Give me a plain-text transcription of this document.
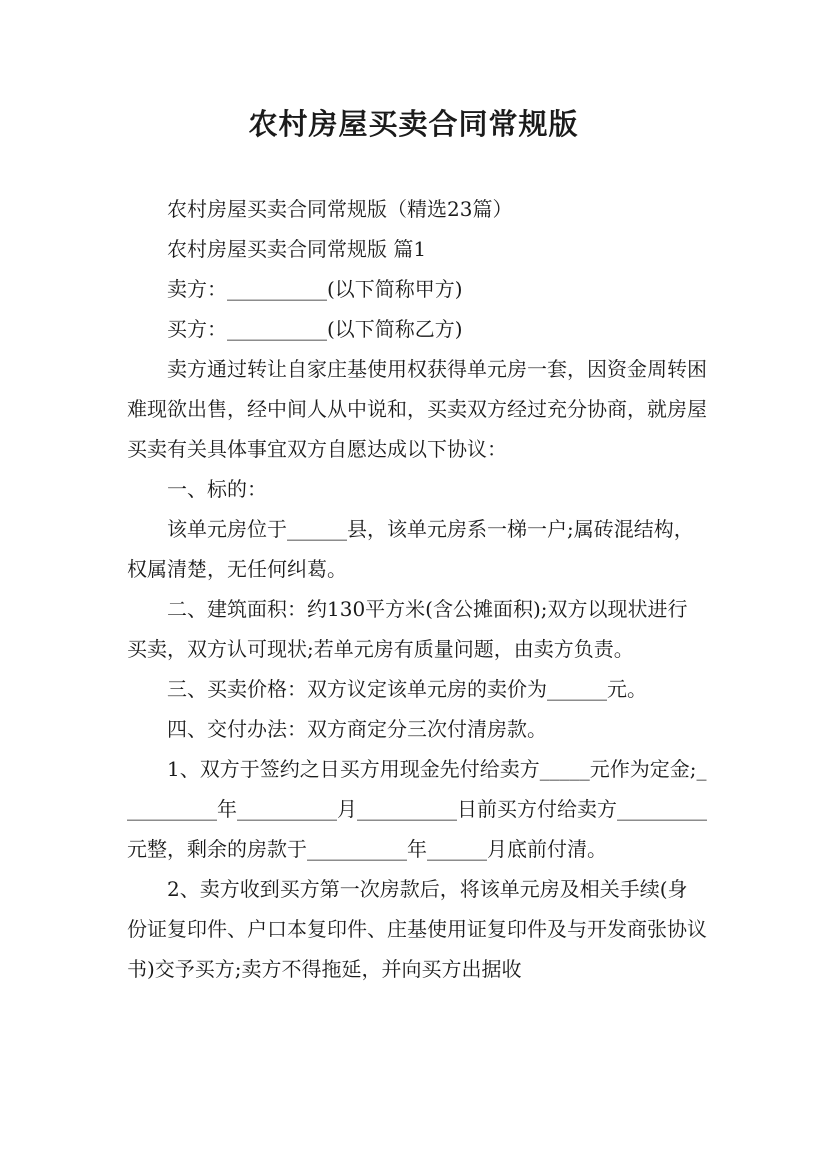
农村房屋买卖合同常规版

农村房屋买卖合同常规版（精选23篇）

农村房屋买卖合同常规版 篇1

卖方：__________(以下简称甲方)

买方：__________(以下简称乙方)

卖方通过转让自家庄基使用权获得单元房一套，因资金周转困难现欲出售，经中间人从中说和，买卖双方经过充分协商，就房屋买卖有关具体事宜双方自愿达成以下协议：

一、标的：

该单元房位于______县，该单元房系一梯一户;属砖混结构，权属清楚，无任何纠葛。

二、建筑面积：约130平方米(含公摊面积);双方以现状进行买卖，双方认可现状;若单元房有质量问题，由卖方负责。

三、买卖价格：双方议定该单元房的卖价为______元。

四、交付办法：双方商定分三次付清房款。

1、双方于签约之日买方用现金先付给卖方_____元作为定金;__________年__________月__________日前买方付给卖方_________元整，剩余的房款于__________年______月底前付清。

2、卖方收到买方第一次房款后，将该单元房及相关手续(身份证复印件、户口本复印件、庄基使用证复印件及与开发商张协议书)交予买方;卖方不得拖延，并向买方出据收
